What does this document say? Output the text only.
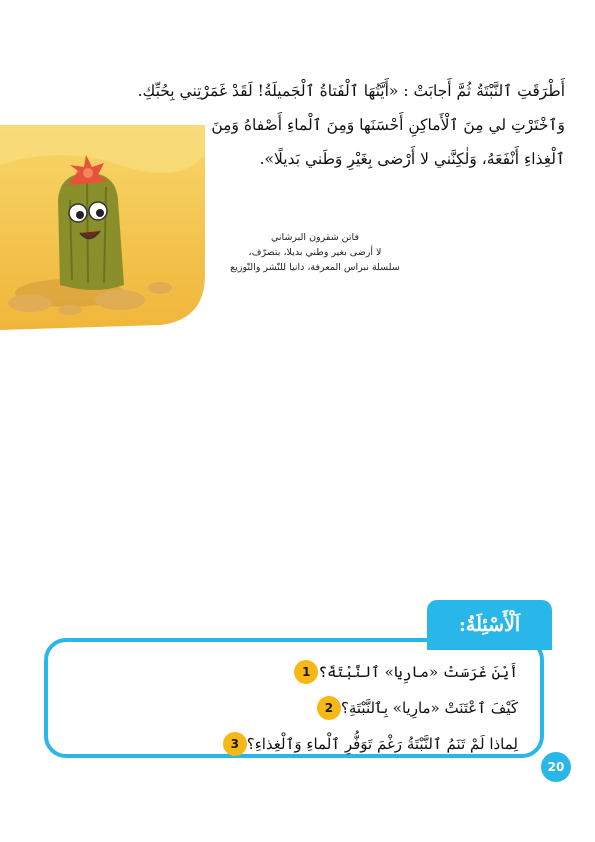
أَطْرَقَتِ ٱلنَّبْتَةُ ثُمَّ أَجابَتْ : «أَيَّتُهَا ٱلْفَتاةُ ٱلْجَميلَةُ! لَقَدْ غَمَرْتِني بِحُبِّكِ.

وَٱخْتَرْتِ لي مِنَ ٱلْأَماكِنِ أَحْسَنَها وَمِنَ ٱلْماءِ أَصْفاهُ وَمِنَ

ٱلْغِذاءِ أَنْفَعَهُ، وَلٰكِنَّني لا أَرْضى بِغَيْرِ وَطَني بَديلًا».

فاتن شقرون البرشاني
لا أرضى بغير وطني بديلا، بتصرّف،
سلسلة نبراس المعرفة، دانيا للنّشر والتّوزيع
1 أَيْنَ غَرَسَتْ «مارِيا» ٱلنَّبْتَةَ؟
2 كَيْفَ ٱعْتَنَتْ «مارِيا» بِٱلنَّبْتَةِ؟
3 لِماذا لَمْ تَنَمُ ٱلنَّبْتَةُ رَغْمَ تَوَفُّرِ ٱلْماءِ وَٱلْغِذاءِ؟
اَلْأَسْئِلَةُ:
20
